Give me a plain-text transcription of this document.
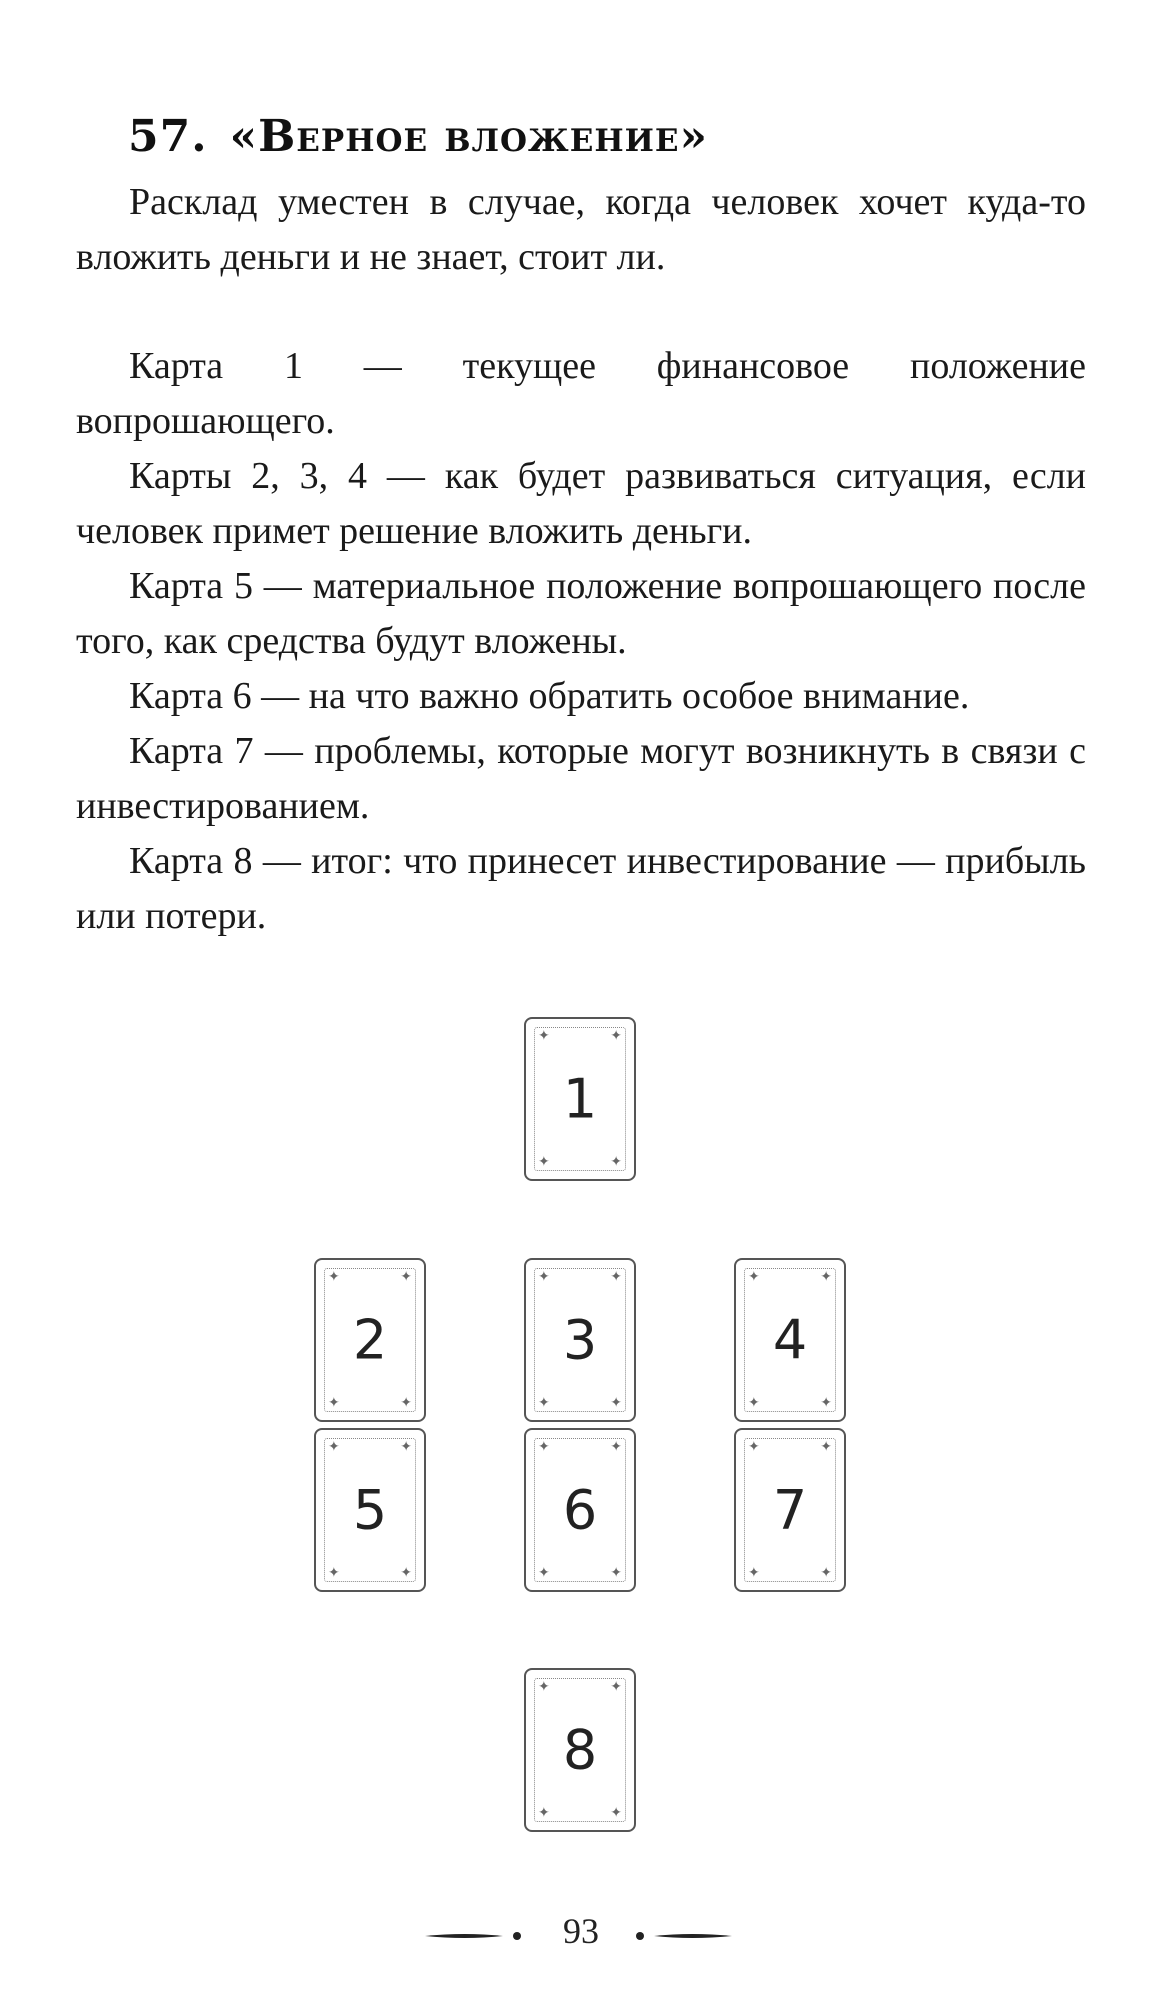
57. «Верное вложение»

Расклад уместен в случае, когда человек хочет куда-то вложить деньги и не знает, стоит ли.

Карта 1 — текущее финансовое положение вопрошающего.

Карты 2, 3, 4 — как будет развиваться ситуация, если человек примет решение вложить деньги.

Карта 5 — материальное положение вопрошающего после того, как средства будут вложены.

Карта 6 — на что важно обратить особое внимание.

Карта 7 — проблемы, которые могут возникнуть в связи с инвестированием.

Карта 8 — итог: что принесет инвестирование — прибыль или потери.

✦	✦
✦	✦
1
✦	✦
✦	✦
2
✦	✦
✦	✦
3
✦	✦
✦	✦
4
✦	✦
✦	✦
5
✦	✦
✦	✦
6
✦	✦
✦	✦
7
✦	✦
✦	✦
8
93
